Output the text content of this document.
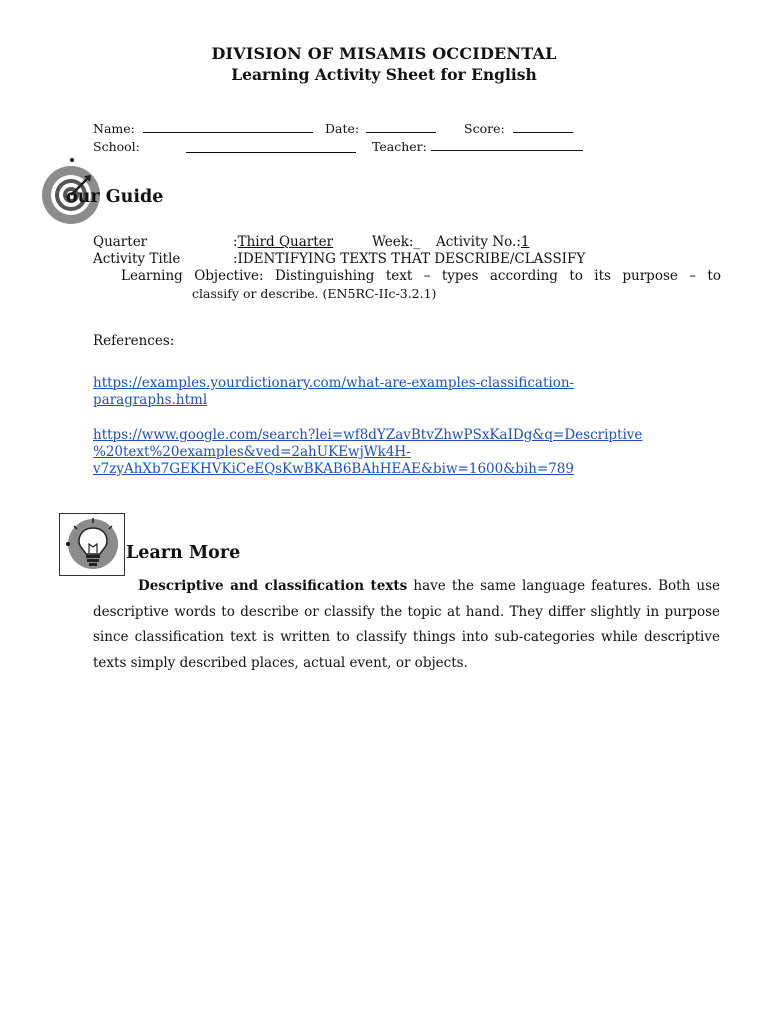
DIVISION OF MISAMIS OCCIDENTAL
Learning Activity Sheet for English
Name:	Date:	Score:
School:	Teacher:
our Guide
Quarter	:Third Quarter	Week:_ Activity No.:1
Activity Title	:IDENTIFYING TEXTS THAT DESCRIBE/CLASSIFY
Learning Objective: Distinguishing text – types according to its purpose – to
classify or describe. (EN5RC-IIc-3.2.1)
References:
https://examples.yourdictionary.com/what-are-examples-classification-
paragraphs.html
https://www.google.com/search?lei=wf8dYZavBtvZhwPSxKaIDg&q=Descriptive
%20text%20examples&ved=2ahUKEwjWk4H-
v7zyAhXb7GEKHVKiCeEQsKwBKAB6BAhHEAE&biw=1600&bih=789
Learn More
Descriptive and classification texts have the same language features. Both use descriptive words to describe or classify the topic at hand. They differ slightly in purpose since classification text is written to classify things into sub-categories while descriptive texts simply described places, actual event, or objects.
